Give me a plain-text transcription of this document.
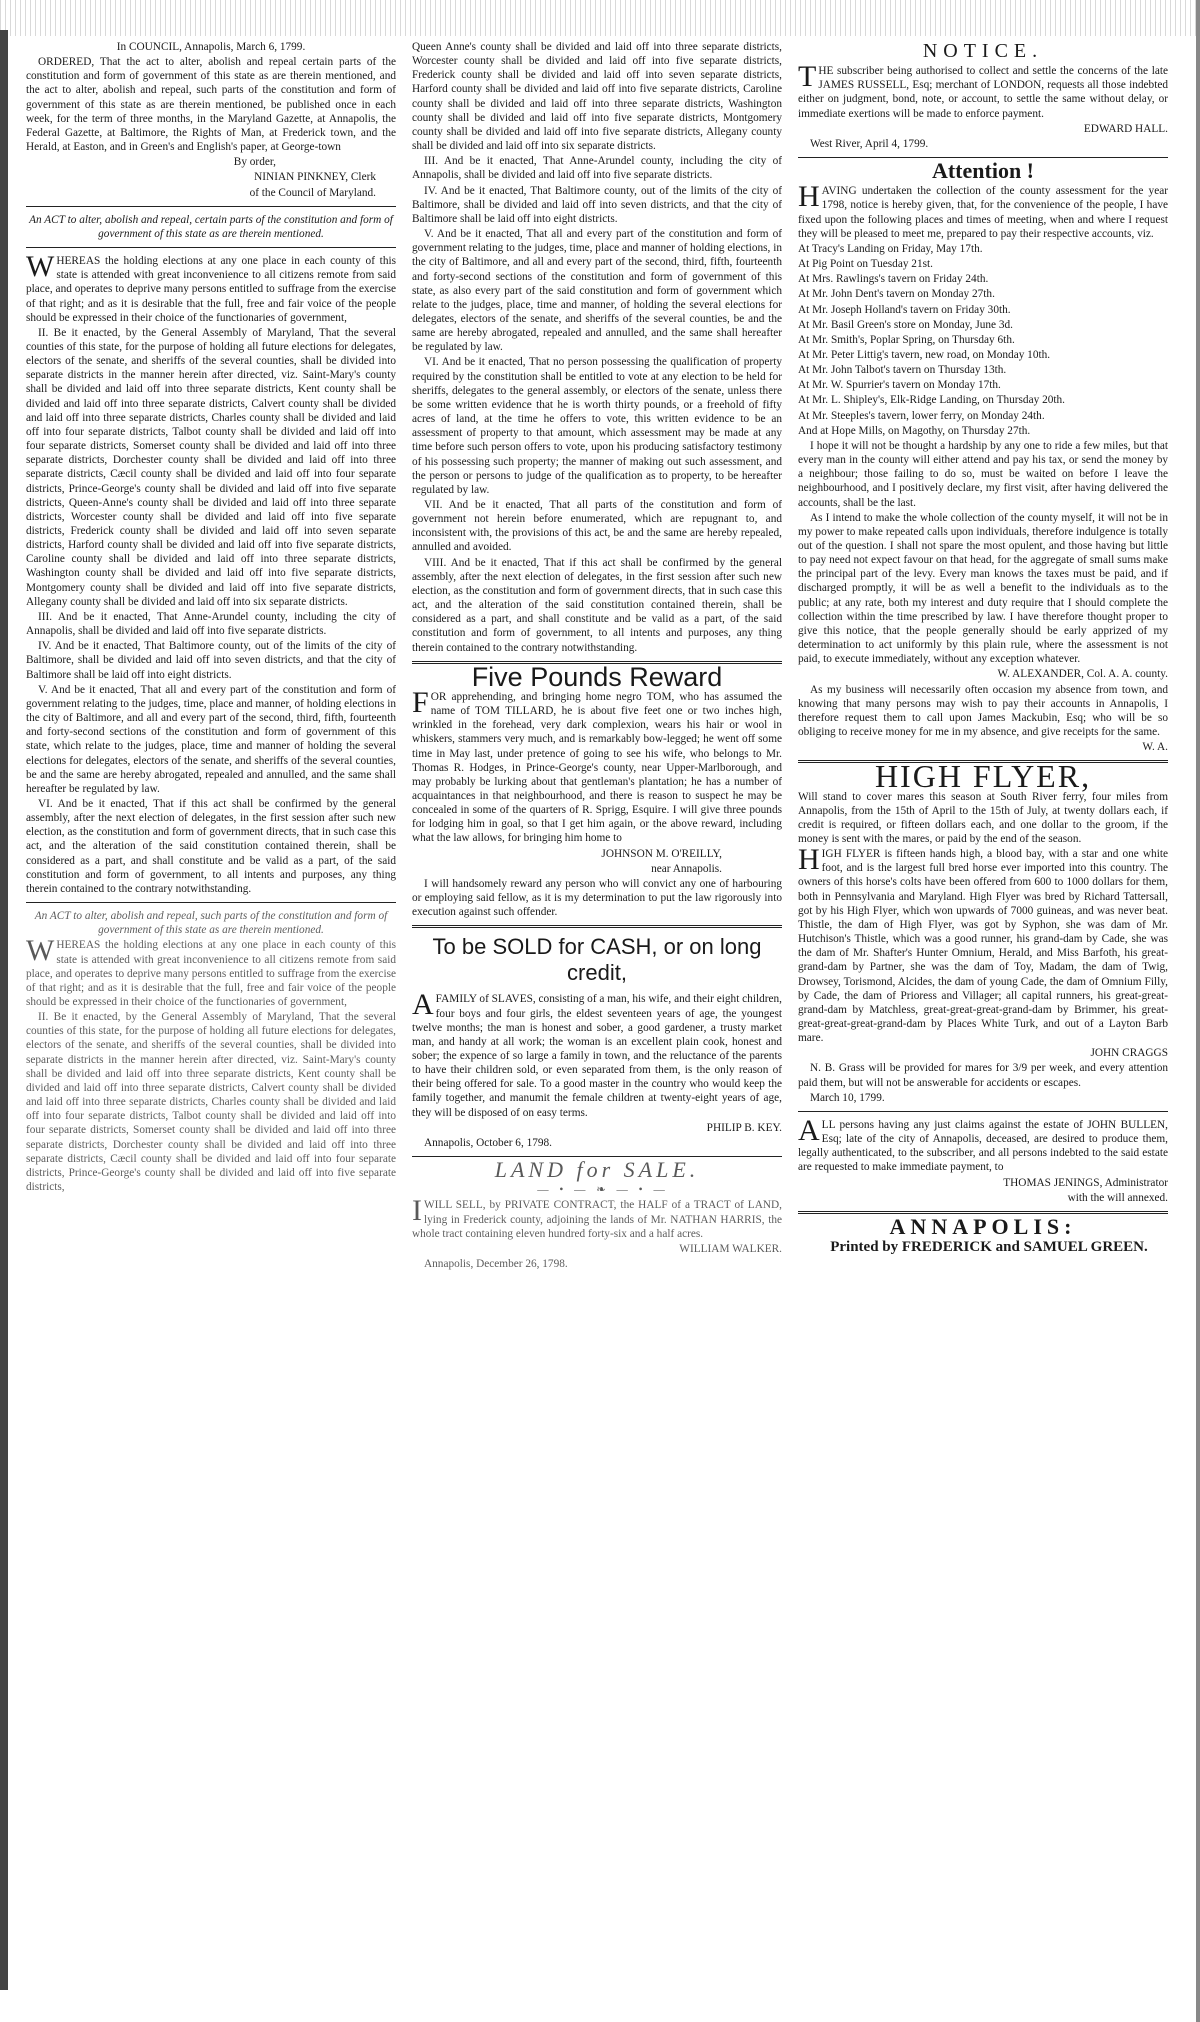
In COUNCIL, Annapolis, March 6, 1799.

ORDERED, That the act to alter, abolish and repeal certain parts of the constitution and form of government of this state as are therein mentioned, and the act to alter, abolish and repeal, such parts of the constitution and form of government of this state as are therein mentioned, be published once in each week, for the term of three months, in the Maryland Gazette, at Annapolis, the Federal Gazette, at Baltimore, the Rights of Man, at Frederick town, and the Herald, at Easton, and in Green's and English's paper, at George-town

By order,

NINIAN PINKNEY, Clerk

of the Council of Maryland.

An ACT to alter, abolish and repeal, certain parts of the constitution and form of government of this state as are therein mentioned.

WHEREAS the holding elections at any one place in each county of this state is attended with great inconvenience to all citizens remote from said place, and operates to deprive many persons entitled to suffrage from the exercise of that right; and as it is desirable that the full, free and fair voice of the people should be expressed in their choice of the functionaries of government,

II. Be it enacted, by the General Assembly of Maryland, That the several counties of this state, for the purpose of holding all future elections for delegates, electors of the senate, and sheriffs of the several counties, shall be divided into separate districts in the manner herein after directed, viz. Saint-Mary's county shall be divided and laid off into three separate districts, Kent county shall be divided and laid off into three separate districts, Calvert county shall be divided and laid off into three separate districts, Charles county shall be divided and laid off into four separate districts, Talbot county shall be divided and laid off into four separate districts, Somerset county shall be divided and laid off into three separate districts, Dorchester county shall be divided and laid off into three separate districts, Cæcil county shall be divided and laid off into four separate districts, Prince-George's county shall be divided and laid off into five separate districts, Queen-Anne's county shall be divided and laid off into three separate districts, Worcester county shall be divided and laid off into five separate districts, Frederick county shall be divided and laid off into seven separate districts, Harford county shall be divided and laid off into five separate districts, Caroline county shall be divided and laid off into three separate districts, Washington county shall be divided and laid off into five separate districts, Montgomery county shall be divided and laid off into five separate districts, Allegany county shall be divided and laid off into six separate districts.

III. And be it enacted, That Anne-Arundel county, including the city of Annapolis, shall be divided and laid off into five separate districts.

IV. And be it enacted, That Baltimore county, out of the limits of the city of Baltimore, shall be divided and laid off into seven districts, and that the city of Baltimore shall be laid off into eight districts.

V. And be it enacted, That all and every part of the constitution and form of government relating to the judges, time, place and manner, of holding elections in the city of Baltimore, and all and every part of the second, third, fifth, fourteenth and forty-second sections of the constitution and form of government of this state, which relate to the judges, place, time and manner of holding the several elections for delegates, electors of the senate, and sheriffs of the several counties, be and the same are hereby abrogated, repealed and annulled, and the same shall hereafter be regulated by law.

VI. And be it enacted, That if this act shall be confirmed by the general assembly, after the next election of delegates, in the first session after such new election, as the constitution and form of government directs, that in such case this act, and the alteration of the said constitution contained therein, shall be considered as a part, and shall constitute and be valid as a part, of the said constitution and form of government, to all intents and purposes, any thing therein contained to the contrary notwithstanding.

An ACT to alter, abolish and repeal, such parts of the constitution and form of government of this state as are therein mentioned.

WHEREAS the holding elections at any one place in each county of this state is attended with great inconvenience to all citizens remote from said place, and operates to deprive many persons entitled to suffrage from the exercise of that right; and as it is desirable that the full, free and fair voice of the people should be expressed in their choice of the functionaries of government,

II. Be it enacted, by the General Assembly of Maryland, That the several counties of this state, for the purpose of holding all future elections for delegates, electors of the senate, and sheriffs of the several counties, shall be divided into separate districts in the manner herein after directed, viz. Saint-Mary's county shall be divided and laid off into three separate districts, Kent county shall be divided and laid off into three separate districts, Calvert county shall be divided and laid off into three separate districts, Charles county shall be divided and laid off into four separate districts, Talbot county shall be divided and laid off into four separate districts, Somerset county shall be divided and laid off into three separate districts, Dorchester county shall be divided and laid off into three separate districts, Cæcil county shall be divided and laid off into four separate districts, Prince-George's county shall be divided and laid off into five separate districts,

Queen Anne's county shall be divided and laid off into three separate districts, Worcester county shall be divided and laid off into five separate districts, Frederick county shall be divided and laid off into seven separate districts, Harford county shall be divided and laid off into five separate districts, Caroline county shall be divided and laid off into three separate districts, Washington county shall be divided and laid off into five separate districts, Montgomery county shall be divided and laid off into five separate districts, Allegany county shall be divided and laid off into six separate districts.

III. And be it enacted, That Anne-Arundel county, including the city of Annapolis, shall be divided and laid off into five separate districts.

IV. And be it enacted, That Baltimore county, out of the limits of the city of Baltimore, shall be divided and laid off into seven districts, and that the city of Baltimore shall be laid off into eight districts.

V. And be it enacted, That all and every part of the constitution and form of government relating to the judges, time, place and manner of holding elections, in the city of Baltimore, and all and every part of the second, third, fifth, fourteenth and forty-second sections of the constitution and form of government of this state, as also every part of the said constitution and form of government which relate to the judges, place, time and manner, of holding the several elections for delegates, electors of the senate, and sheriffs of the several counties, be and the same are hereby abrogated, repealed and annulled, and the same shall hereafter be regulated by law.

VI. And be it enacted, That no person possessing the qualification of property required by the constitution shall be entitled to vote at any election to be held for sheriffs, delegates to the general assembly, or electors of the senate, unless there be some written evidence that he is worth thirty pounds, or a freehold of fifty acres of land, at the time he offers to vote, this written evidence to be an assessment of property to that amount, which assessment may be made at any time before such person offers to vote, upon his producing satisfactory testimony of his possessing such property; the manner of making out such assessment, and the person or persons to judge of the qualification as to property, to be hereafter regulated by law.

VII. And be it enacted, That all parts of the constitution and form of government not herein before enumerated, which are repugnant to, and inconsistent with, the provisions of this act, be and the same are hereby repealed, annulled and avoided.

VIII. And be it enacted, That if this act shall be confirmed by the general assembly, after the next election of delegates, in the first session after such new election, as the constitution and form of government directs, that in such case this act, and the alteration of the said constitution contained therein, shall be considered as a part, and shall constitute and be valid as a part, of the said constitution and form of government, to all intents and purposes, any thing therein contained to the contrary notwithstanding.

Five Pounds Reward

FOR apprehending, and bringing home negro TOM, who has assumed the name of TOM TILLARD, he is about five feet one or two inches high, wrinkled in the forehead, very dark complexion, wears his hair or wool in whiskers, stammers very much, and is remarkably bow-legged; he went off some time in May last, under pretence of going to see his wife, who belongs to Mr. Thomas R. Hodges, in Prince-George's county, near Upper-Marlborough, and may probably be lurking about that gentleman's plantation; he has a number of acquaintances in that neighbourhood, and there is reason to suspect he may be concealed in some of the quarters of R. Sprigg, Esquire. I will give three pounds for lodging him in goal, so that I get him again, or the above reward, including what the law allows, for bringing him home to

JOHNSON M. O'REILLY,

near Annapolis.

I will handsomely reward any person who will convict any one of harbouring or employing said fellow, as it is my determination to put the law rigorously into execution against such offender.

To be SOLD for CASH, or on long credit,

AFAMILY of SLAVES, consisting of a man, his wife, and their eight children, four boys and four girls, the eldest seventeen years of age, the youngest twelve months; the man is honest and sober, a good gardener, a trusty market man, and handy at all work; the woman is an excellent plain cook, honest and sober; the expence of so large a family in town, and the reluctance of the parents to have their children sold, or even separated from them, is the only reason of their being offered for sale. To a good master in the country who would keep the family together, and manumit the female children at twenty-eight years of age, they will be disposed of on easy terms.

PHILIP B. KEY.

Annapolis, October 6, 1798.

LAND for SALE.

— • — ❧ — • —

IWILL SELL, by PRIVATE CONTRACT, the HALF of a TRACT of LAND, lying in Frederick county, adjoining the lands of Mr. NATHAN HARRIS, the whole tract containing eleven hundred forty-six and a half acres.

WILLIAM WALKER.

Annapolis, December 26, 1798.

NOTICE.

THE subscriber being authorised to collect and settle the concerns of the late JAMES RUSSELL, Esq; merchant of LONDON, requests all those indebted either on judgment, bond, note, or account, to settle the same without delay, or immediate exertions will be made to enforce payment.

EDWARD HALL.

West River, April 4, 1799.

Attention !

HAVING undertaken the collection of the county assessment for the year 1798, notice is hereby given, that, for the convenience of the people, I have fixed upon the following places and times of meeting, when and where I request they will be pleased to meet me, prepared to pay their respective accounts, viz.

At Tracy's Landing on Friday, May 17th.

At Pig Point on Tuesday 21st.

At Mrs. Rawlings's tavern on Friday 24th.

At Mr. John Dent's tavern on Monday 27th.

At Mr. Joseph Holland's tavern on Friday 30th.

At Mr. Basil Green's store on Monday, June 3d.

At Mr. Smith's, Poplar Spring, on Thursday 6th.

At Mr. Peter Littig's tavern, new road, on Monday 10th.

At Mr. John Talbot's tavern on Thursday 13th.

At Mr. W. Spurrier's tavern on Monday 17th.

At Mr. L. Shipley's, Elk-Ridge Landing, on Thursday 20th.

At Mr. Steeples's tavern, lower ferry, on Monday 24th.

And at Hope Mills, on Magothy, on Thursday 27th.

I hope it will not be thought a hardship by any one to ride a few miles, but that every man in the county will either attend and pay his tax, or send the money by a neighbour; those failing to do so, must be waited on before I leave the neighbourhood, and I positively declare, my first visit, after having delivered the accounts, shall be the last.

As I intend to make the whole collection of the county myself, it will not be in my power to make repeated calls upon individuals, therefore indulgence is totally out of the question. I shall not spare the most opulent, and those having but little to pay need not expect favour on that head, for the aggregate of small sums make the principal part of the levy. Every man knows the taxes must be paid, and if discharged promptly, it will be as well a benefit to the individuals as to the public; at any rate, both my interest and duty require that I should complete the collection within the time prescribed by law. I have therefore thought proper to give this notice, that the people generally should be early apprized of my determination to act uniformly by this plain rule, where the assessment is not paid, to execute immediately, without any exception whatever.

W. ALEXANDER, Col. A. A. county.

As my business will necessarily often occasion my absence from town, and knowing that many persons may wish to pay their accounts in Annapolis, I therefore request them to call upon James Mackubin, Esq; who will be so obliging to receive money for me in my absence, and give receipts for the same.

W. A.

HIGH FLYER,

Will stand to cover mares this season at South River ferry, four miles from Annapolis, from the 15th of April to the 15th of July, at twenty dollars each, if credit is required, or fifteen dollars each, and one dollar to the groom, if the money is sent with the mares, or paid by the end of the season.

HIGH FLYER is fifteen hands high, a blood bay, with a star and one white foot, and is the largest full bred horse ever imported into this country. The owners of this horse's colts have been offered from 600 to 1000 dollars for them, both in Pennsylvania and Maryland. High Flyer was bred by Richard Tattersall, got by his High Flyer, which won upwards of 7000 guineas, and was never beat. Thistle, the dam of High Flyer, was got by Syphon, she was dam of Mr. Hutchison's Thistle, which was a good runner, his grand-dam by Cade, she was the dam of Mr. Shafter's Hunter Omnium, Herald, and Miss Barfoth, his great-grand-dam by Partner, she was the dam of Toy, Madam, the dam of Twig, Drowsey, Torismond, Alcides, the dam of young Cade, the dam of Omnium Filly, by Cade, the dam of Prioress and Villager; all capital runners, his great-great-grand-dam by Matchless, great-great-great-grand-dam by Brimmer, his great-great-great-great-grand-dam by Places White Turk, and out of a Layton Barb mare.

JOHN CRAGGS

N. B. Grass will be provided for mares for 3/9 per week, and every attention paid them, but will not be answerable for accidents or escapes.

March 10, 1799.

ALL persons having any just claims against the estate of JOHN BULLEN, Esq; late of the city of Annapolis, deceased, are desired to produce them, legally authenticated, to the subscriber, and all persons indebted to the said estate are requested to make immediate payment, to

THOMAS JENINGS, Administrator

with the will annexed.

ANNAPOLIS:

Printed by FREDERICK and SAMUEL GREEN.
